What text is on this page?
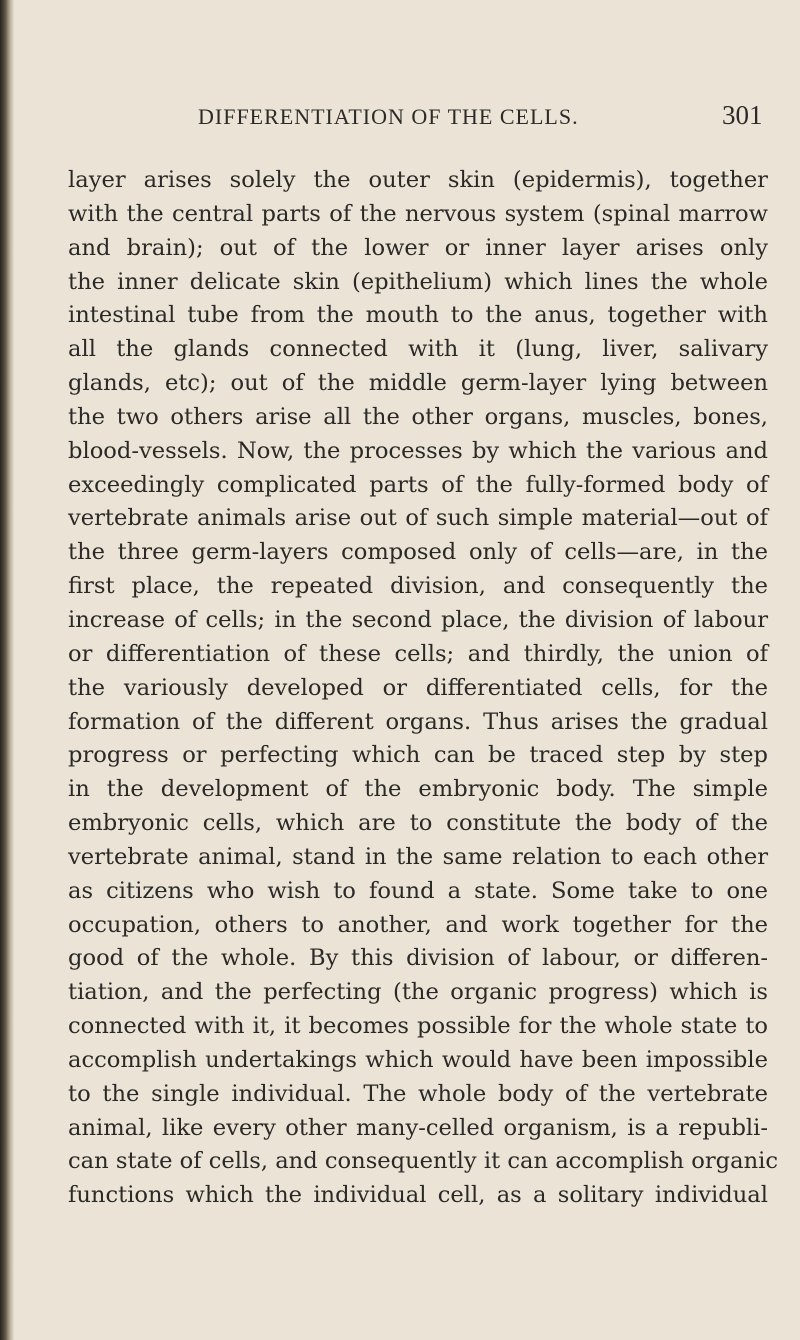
DIFFERENTIATION OF THE CELLS.	301
layer arises solely the outer skin (epidermis), together
with the central parts of the nervous system (spinal marrow
and brain); out of the lower or inner layer arises only
the inner delicate skin (epithelium) which lines the whole
intestinal tube from the mouth to the anus, together with
all the glands connected with it (lung, liver, salivary
glands, etc); out of the middle germ-layer lying between
the two others arise all the other organs, muscles, bones,
blood-vessels. Now, the processes by which the various and
exceedingly complicated parts of the fully-formed body of
vertebrate animals arise out of such simple material—out of
the three germ-layers composed only of cells—are, in the
first place, the repeated division, and consequently the
increase of cells; in the second place, the division of labour
or differentiation of these cells; and thirdly, the union of
the variously developed or differentiated cells, for the
formation of the different organs. Thus arises the gradual
progress or perfecting which can be traced step by step
in the development of the embryonic body. The simple
embryonic cells, which are to constitute the body of the
vertebrate animal, stand in the same relation to each other
as citizens who wish to found a state. Some take to one
occupation, others to another, and work together for the
good of the whole. By this division of labour, or differen-
tiation, and the perfecting (the organic progress) which is
connected with it, it becomes possible for the whole state to
accomplish undertakings which would have been impossible
to the single individual. The whole body of the vertebrate
animal, like every other many-celled organism, is a republi-
can state of cells, and consequently it can accomplish organic
functions which the individual cell, as a solitary individual
